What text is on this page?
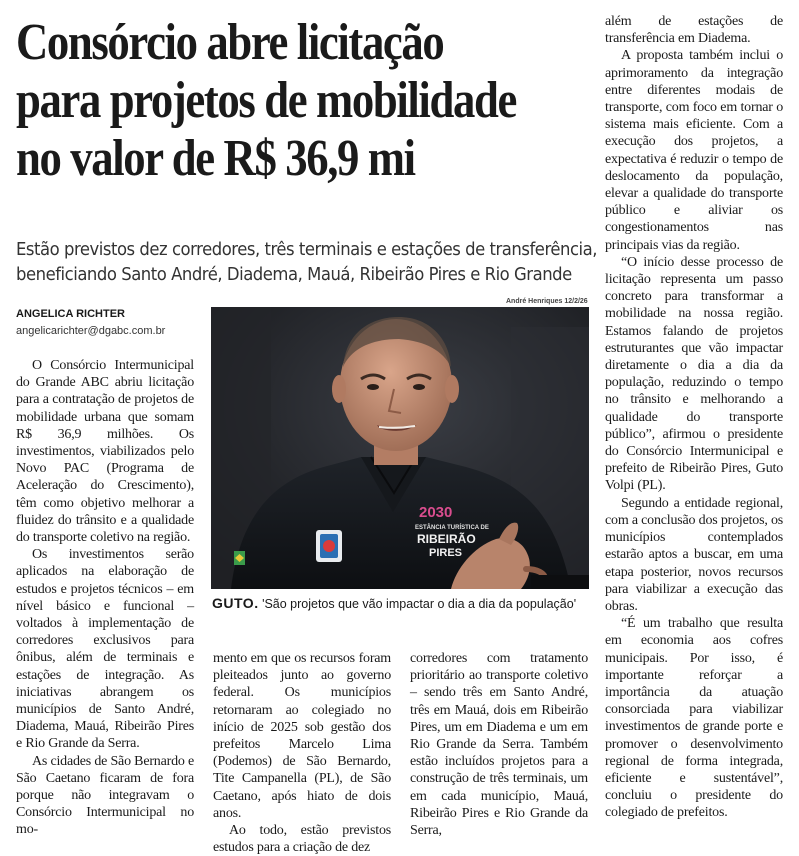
Consórcio abre licitação
para projetos de mobilidade
no valor de R$ 36,9 mi
Estão previstos dez corredores, três terminais e estações de transferência,
beneficiando Santo André, Diadema, Mauá, Ribeirão Pires e Rio Grande
ANGELICA RICHTER
angelicarichter@dgabc.com.br
André Henriques 12/2/26
2030
ESTÂNCIA TURÍSTICA DE
RIBEIRÃO
PIRES
GUTO. 'São projetos que vão impactar o dia a dia da população'

O Consórcio Intermunicipal do Grande ABC abriu licitação para a contratação de projetos de mobilidade urbana que somam R$ 36,9 milhões. Os investimentos, viabilizados pelo Novo PAC (Programa de Aceleração do Crescimento), têm como objetivo melhorar a fluidez do trânsito e a qualidade do transporte coletivo na região.

Os investimentos serão aplicados na elaboração de estudos e projetos técnicos – em nível básico e funcional – voltados à implementação de corredores exclusivos para ônibus, além de terminais e estações de integração. As iniciativas abrangem os municípios de Santo André, Diadema, Mauá, Ribeirão Pires e Rio Grande da Serra.

As cidades de São Bernardo e São Caetano ficaram de fora porque não integravam o Consórcio Intermunicipal no mo-

mento em que os recursos foram pleiteados junto ao governo federal. Os municípios retornaram ao colegiado no início de 2025 sob gestão dos prefeitos Marcelo Lima (Podemos) de São Bernardo, Tite Campanella (PL), de São Caetano, após hiato de dois anos.

Ao todo, estão previstos estudos para a criação de dez

corredores com tratamento prioritário ao transporte coletivo – sendo três em Santo André, três em Mauá, dois em Ribeirão Pires, um em Diadema e um em Rio Grande da Serra. Também estão incluídos projetos para a construção de três terminais, um em cada município, Mauá, Ribeirão Pires e Rio Grande da Serra,

além de estações de transferência em Diadema.

A proposta também inclui o aprimoramento da integração entre diferentes modais de transporte, com foco em tornar o sistema mais eficiente. Com a execução dos projetos, a expectativa é reduzir o tempo de deslocamento da população, elevar a qualidade do transporte público e aliviar os congestionamentos nas principais vias da região.

“O início desse processo de licitação representa um passo concreto para transformar a mobilidade na nossa região. Estamos falando de projetos estruturantes que vão impactar diretamente o dia a dia da população, reduzindo o tempo no trânsito e melhorando a qualidade do transporte público”, afirmou o presidente do Consórcio Intermunicipal e prefeito de Ribeirão Pires, Guto Volpi (PL).

Segundo a entidade regional, com a conclusão dos projetos, os municípios contemplados estarão aptos a buscar, em uma etapa posterior, novos recursos para viabilizar a execução das obras.

“É um trabalho que resulta em economia aos cofres municipais. Por isso, é importante reforçar a importância da atuação consorciada para viabilizar investimentos de grande porte e promover o desenvolvimento regional de forma integrada, eficiente e sustentável”, concluiu o presidente do colegiado de prefeitos.
